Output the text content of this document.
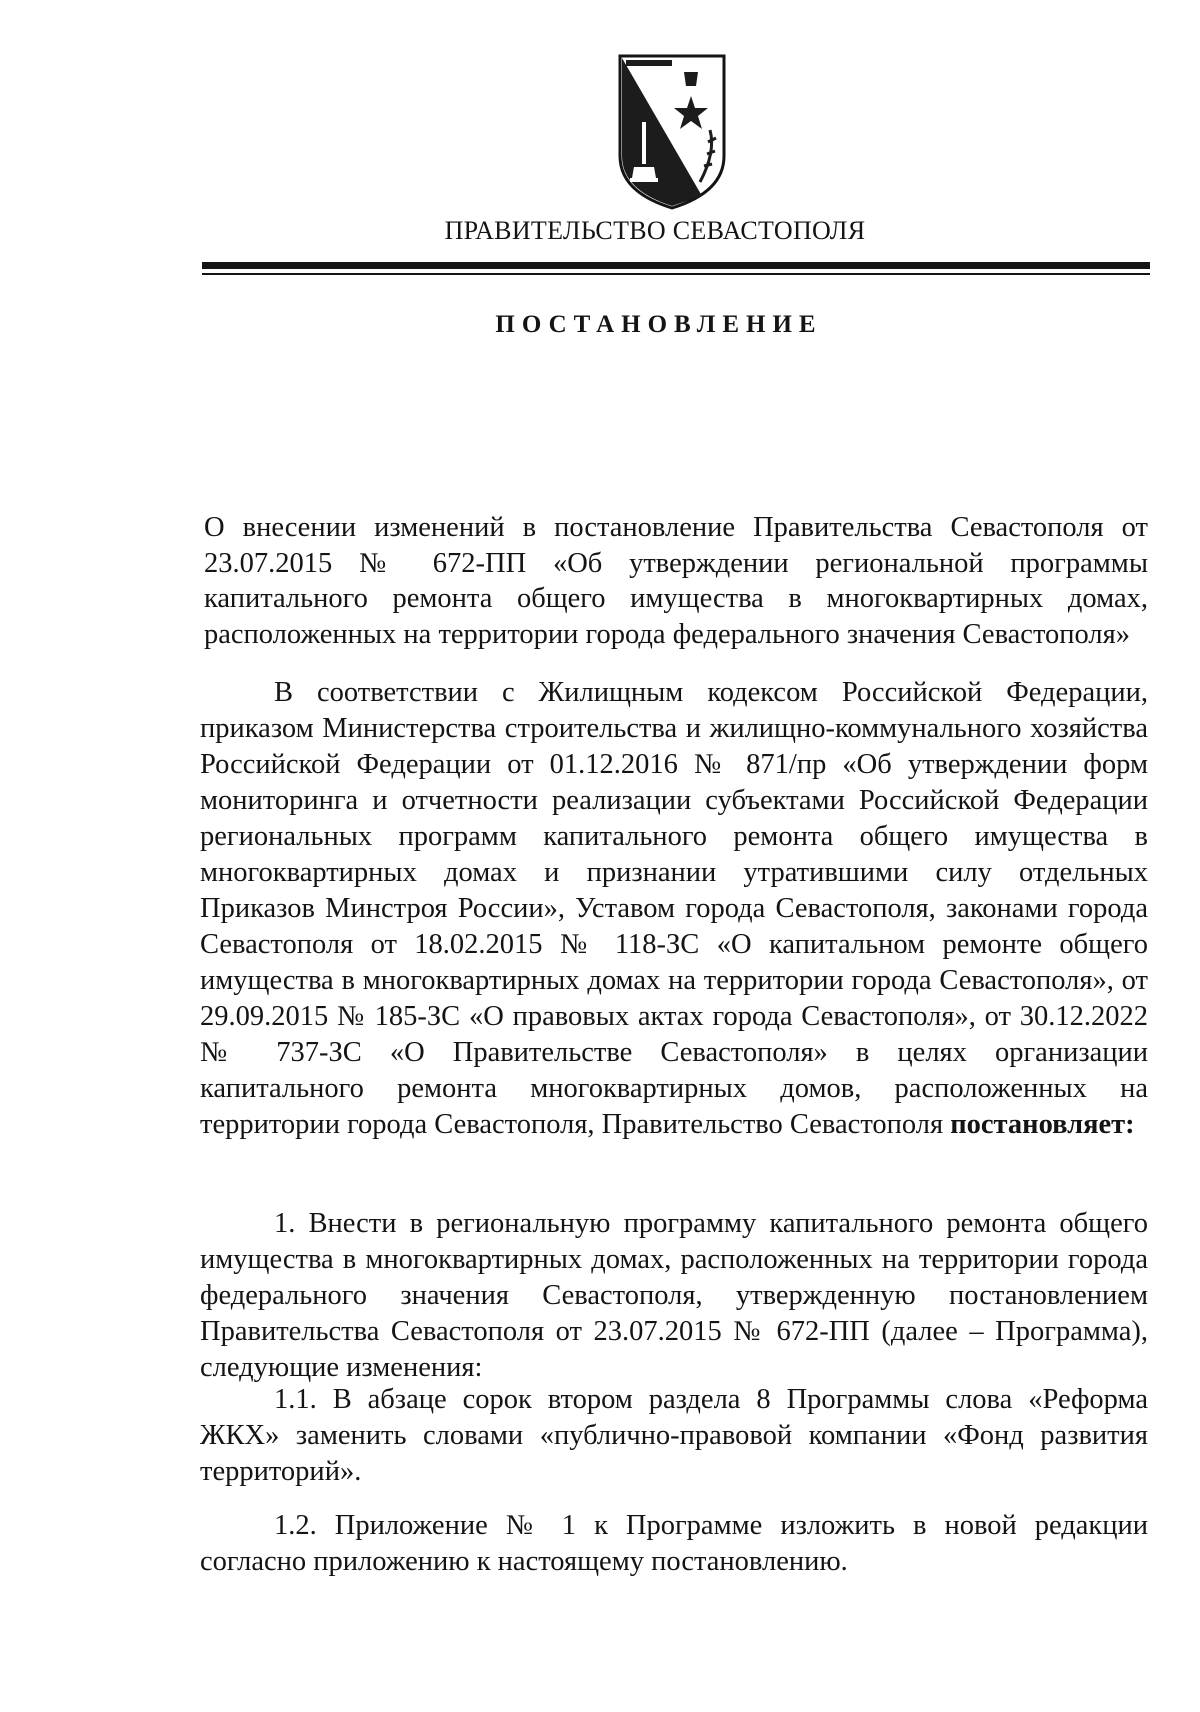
ПРАВИТЕЛЬСТВО СЕВАСТОПОЛЯ
ПОСТАНОВЛЕНИЕ
О внесении изменений в постановление Правительства Севастополя от 23.07.2015 № 672-ПП «Об утверждении региональной программы капитального ремонта общего имущества в многоквартирных домах, расположенных на территории города федерального значения Севастополя»
В соответствии с Жилищным кодексом Российской Федерации, приказом Министерства строительства и жилищно-коммунального хозяйства Российской Федерации от 01.12.2016 № 871/пр «Об утверждении форм мониторинга и отчетности реализации субъектами Российской Федерации региональных программ капитального ремонта общего имущества в многоквартирных домах и признании утратившими силу отдельных Приказов Минстроя России», Уставом города Севастополя, законами города Севастополя от 18.02.2015 № 118-ЗС «О капитальном ремонте общего имущества в многоквартирных домах на территории города Севастополя», от 29.09.2015 № 185-ЗС «О правовых актах города Севастополя», от 30.12.2022 № 737-ЗС «О Правительстве Севастополя» в целях организации капитального ремонта многоквартирных домов, расположенных на территории города Севастополя, Правительство Севастополя постановляет:
1. Внести в региональную программу капитального ремонта общего имущества в многоквартирных домах, расположенных на территории города федерального значения Севастополя, утвержденную постановлением Правительства Севастополя от 23.07.2015 № 672-ПП (далее – Программа), следующие изменения:
1.1. В абзаце сорок втором раздела 8 Программы слова «Реформа ЖКХ» заменить словами «публично-правовой компании «Фонд развития территорий».
1.2. Приложение № 1 к Программе изложить в новой редакции согласно приложению к настоящему постановлению.
